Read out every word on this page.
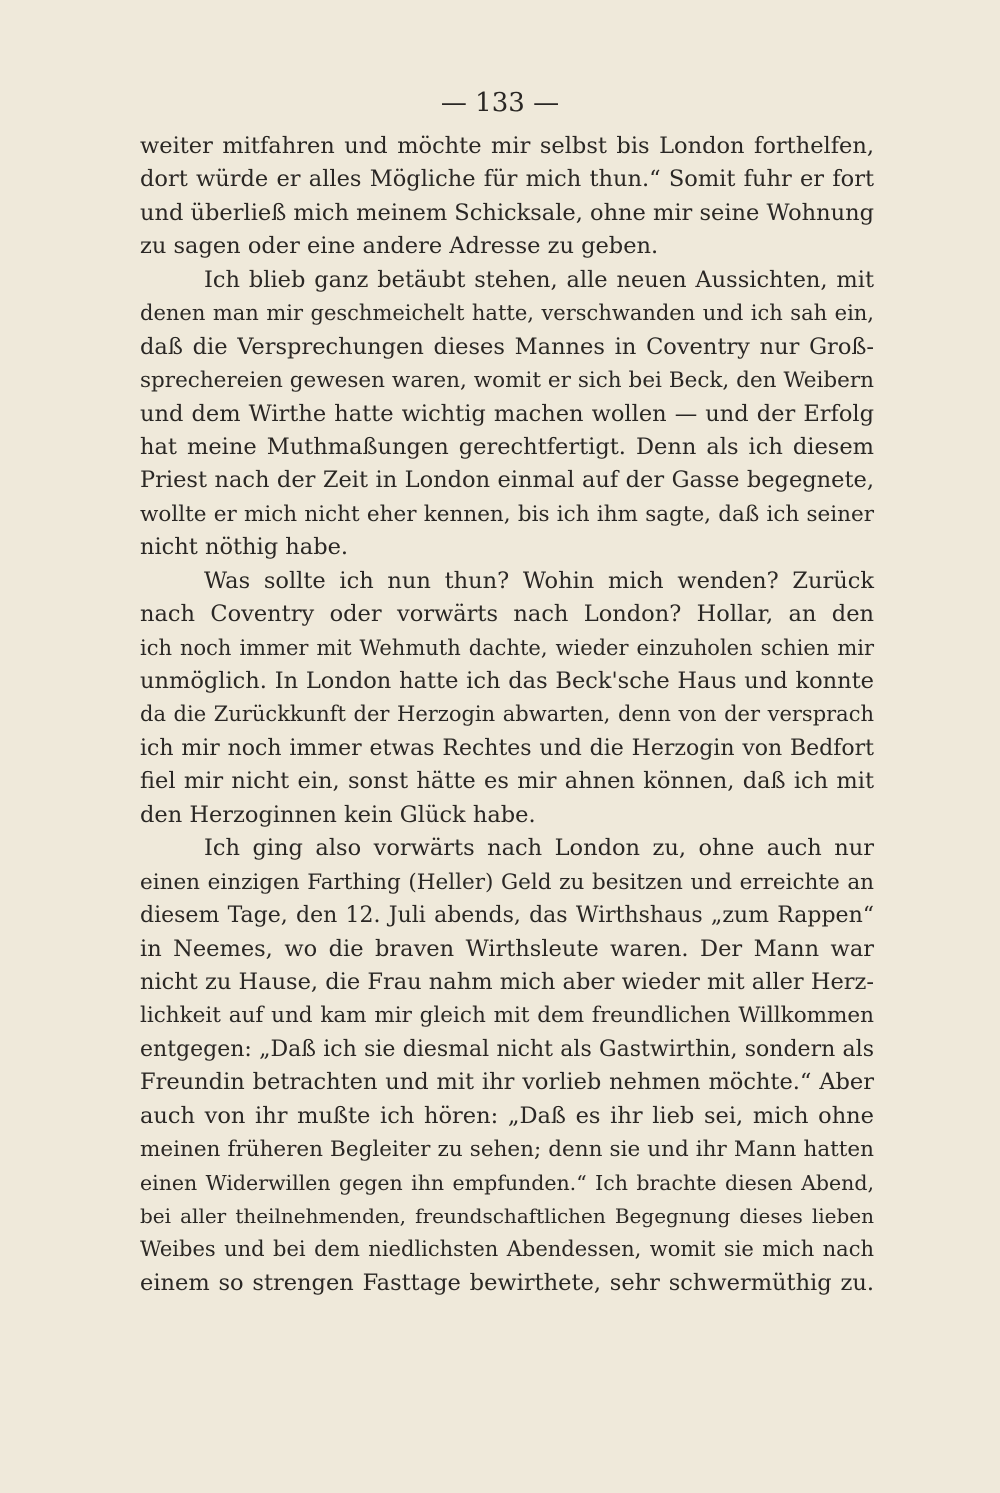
— 133 —
weiter mitfahren und möchte mir selbst bis London forthelfen,
dort würde er alles Mögliche für mich thun.“ Somit fuhr er fort
und überließ mich meinem Schicksale, ohne mir seine Wohnung
zu sagen oder eine andere Adresse zu geben.
Ich blieb ganz betäubt stehen, alle neuen Aussichten, mit
denen man mir geschmeichelt hatte, verschwanden und ich sah ein,
daß die Versprechungen dieses Mannes in Coventry nur Groß-
sprechereien gewesen waren, womit er sich bei Beck, den Weibern
und dem Wirthe hatte wichtig machen wollen — und der Erfolg
hat meine Muthmaßungen gerechtfertigt. Denn als ich diesem
Priest nach der Zeit in London einmal auf der Gasse begegnete,
wollte er mich nicht eher kennen, bis ich ihm sagte, daß ich seiner
nicht nöthig habe.
Was sollte ich nun thun? Wohin mich wenden? Zurück
nach Coventry oder vorwärts nach London? Hollar, an den
ich noch immer mit Wehmuth dachte, wieder einzuholen schien mir
unmöglich. In London hatte ich das Beck'sche Haus und konnte
da die Zurückkunft der Herzogin abwarten, denn von der versprach
ich mir noch immer etwas Rechtes und die Herzogin von Bedfort
fiel mir nicht ein, sonst hätte es mir ahnen können, daß ich mit
den Herzoginnen kein Glück habe.
Ich ging also vorwärts nach London zu, ohne auch nur
einen einzigen Farthing (Heller) Geld zu besitzen und erreichte an
diesem Tage, den 12. Juli abends, das Wirthshaus „zum Rappen“
in Neemes, wo die braven Wirthsleute waren. Der Mann war
nicht zu Hause, die Frau nahm mich aber wieder mit aller Herz-
lichkeit auf und kam mir gleich mit dem freundlichen Willkommen
entgegen: „Daß ich sie diesmal nicht als Gastwirthin, sondern als
Freundin betrachten und mit ihr vorlieb nehmen möchte.“ Aber
auch von ihr mußte ich hören: „Daß es ihr lieb sei, mich ohne
meinen früheren Begleiter zu sehen; denn sie und ihr Mann hatten
einen Widerwillen gegen ihn empfunden.“ Ich brachte diesen Abend,
bei aller theilnehmenden, freundschaftlichen Begegnung dieses lieben
Weibes und bei dem niedlichsten Abendessen, womit sie mich nach
einem so strengen Fasttage bewirthete, sehr schwermüthig zu.
